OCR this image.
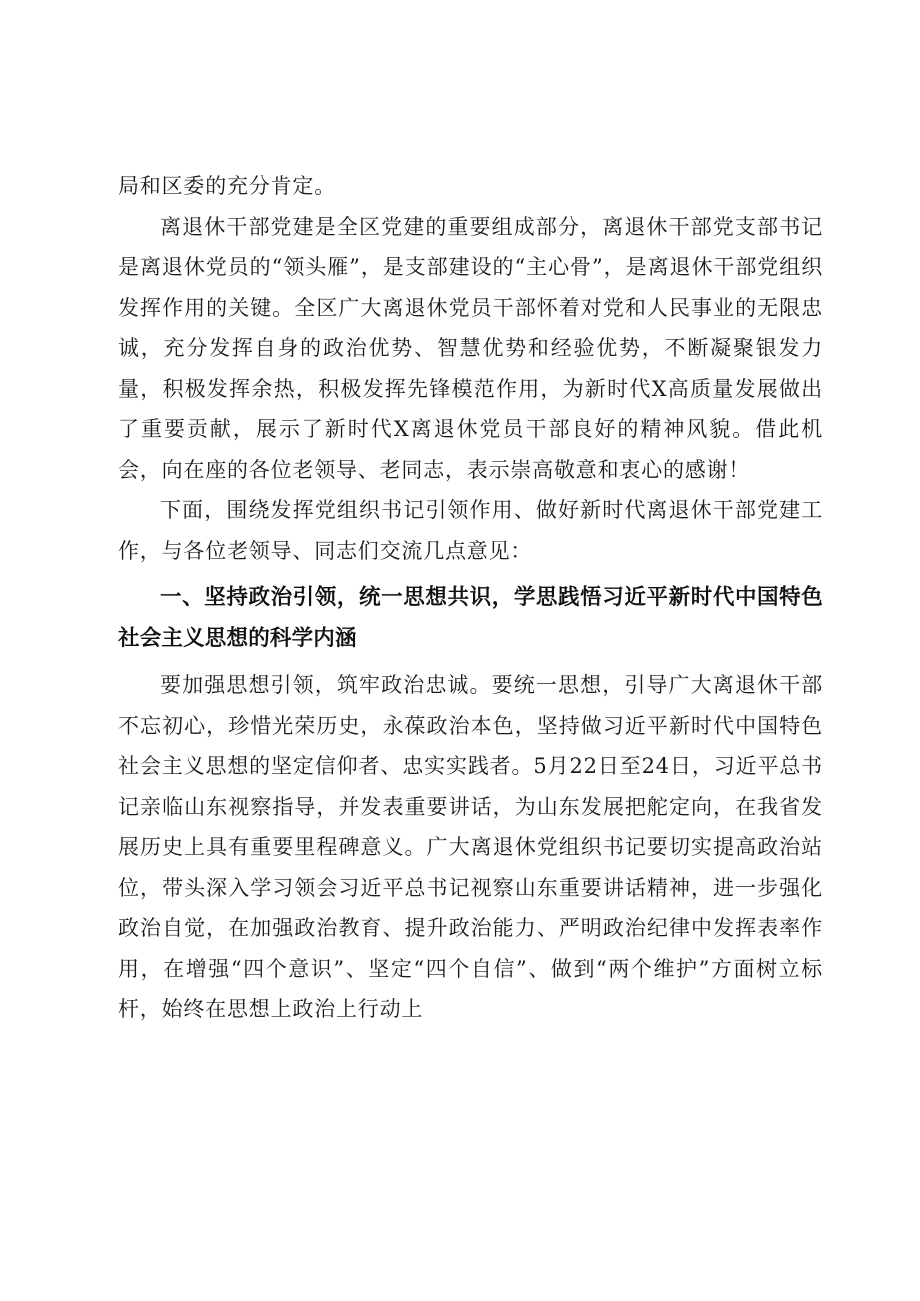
局和区委的充分肯定。

离退休干部党建是全区党建的重要组成部分，离退休干部党支部书记是离退休党员的“领头雁”，是支部建设的“主心骨”，是离退休干部党组织发挥作用的关键。全区广大离退休党员干部怀着对党和人民事业的无限忠诚，充分发挥自身的政治优势、智慧优势和经验优势，不断凝聚银发力量，积极发挥余热，积极发挥先锋模范作用，为新时代X高质量发展做出了重要贡献，展示了新时代X离退休党员干部良好的精神风貌。借此机会，向在座的各位老领导、老同志，表示崇高敬意和衷心的感谢！

下面，围绕发挥党组织书记引领作用、做好新时代离退休干部党建工作，与各位老领导、同志们交流几点意见：

一、坚持政治引领，统一思想共识，学思践悟习近平新时代中国特色社会主义思想的科学内涵

要加强思想引领，筑牢政治忠诚。要统一思想，引导广大离退休干部不忘初心，珍惜光荣历史，永葆政治本色，坚持做习近平新时代中国特色社会主义思想的坚定信仰者、忠实实践者。5月22日至24日，习近平总书记亲临山东视察指导，并发表重要讲话，为山东发展把舵定向，在我省发展历史上具有重要里程碑意义。广大离退休党组织书记要切实提高政治站位，带头深入学习领会习近平总书记视察山东重要讲话精神，进一步强化政治自觉，在加强政治教育、提升政治能力、严明政治纪律中发挥表率作用，在增强“四个意识”、坚定“四个自信”、做到“两个维护”方面树立标杆，始终在思想上政治上行动上
